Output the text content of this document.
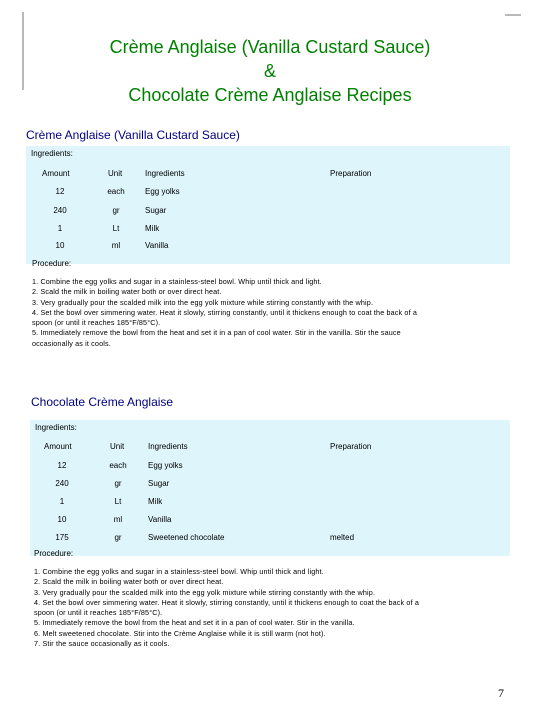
Crème Anglaise (Vanilla Custard Sauce)
&
Chocolate Crème Anglaise Recipes
Crème Anglaise (Vanilla Custard Sauce)
Ingredients:
Amount	Unit	Ingredients	Preparation
12	each	Egg yolks
240	gr	Sugar
1	Lt	Milk
10	ml	Vanilla
Procedure:
1. Combine the egg yolks and sugar in a stainless-steel bowl. Whip until thick and light.
2. Scald the milk in boiling water both or over direct heat.
3. Very gradually pour the scalded milk into the egg yolk mixture while stirring constantly with the whip.
4. Set the bowl over simmering water. Heat it slowly, stirring constantly, until it thickens enough to coat the back of a
spoon (or until it reaches 185°F/85°C).
5. Immediately remove the bowl from the heat and set it in a pan of cool water. Stir in the vanilla. Stir the sauce
occasionally as it cools.
Chocolate Crème Anglaise
Ingredients:
Amount	Unit	Ingredients	Preparation
12	each	Egg yolks
240	gr	Sugar
1	Lt	Milk
10	ml	Vanilla
175	gr	Sweetened chocolate	melted
Procedure:
1. Combine the egg yolks and sugar in a stainless-steel bowl. Whip until thick and light.
2. Scald the milk in boiling water both or over direct heat.
3. Very gradually pour the scalded milk into the egg yolk mixture while stirring constantly with the whip.
4. Set the bowl over simmering water. Heat it slowly, stirring constantly, until it thickens enough to coat the back of a
spoon (or until it reaches 185°F/85°C).
5. Immediately remove the bowl from the heat and set it in a pan of cool water. Stir in the vanilla.
6. Melt sweetened chocolate. Stir into the Crème Anglaise while it is still warm (not hot).
7. Stir the sauce occasionally as it cools.
7
